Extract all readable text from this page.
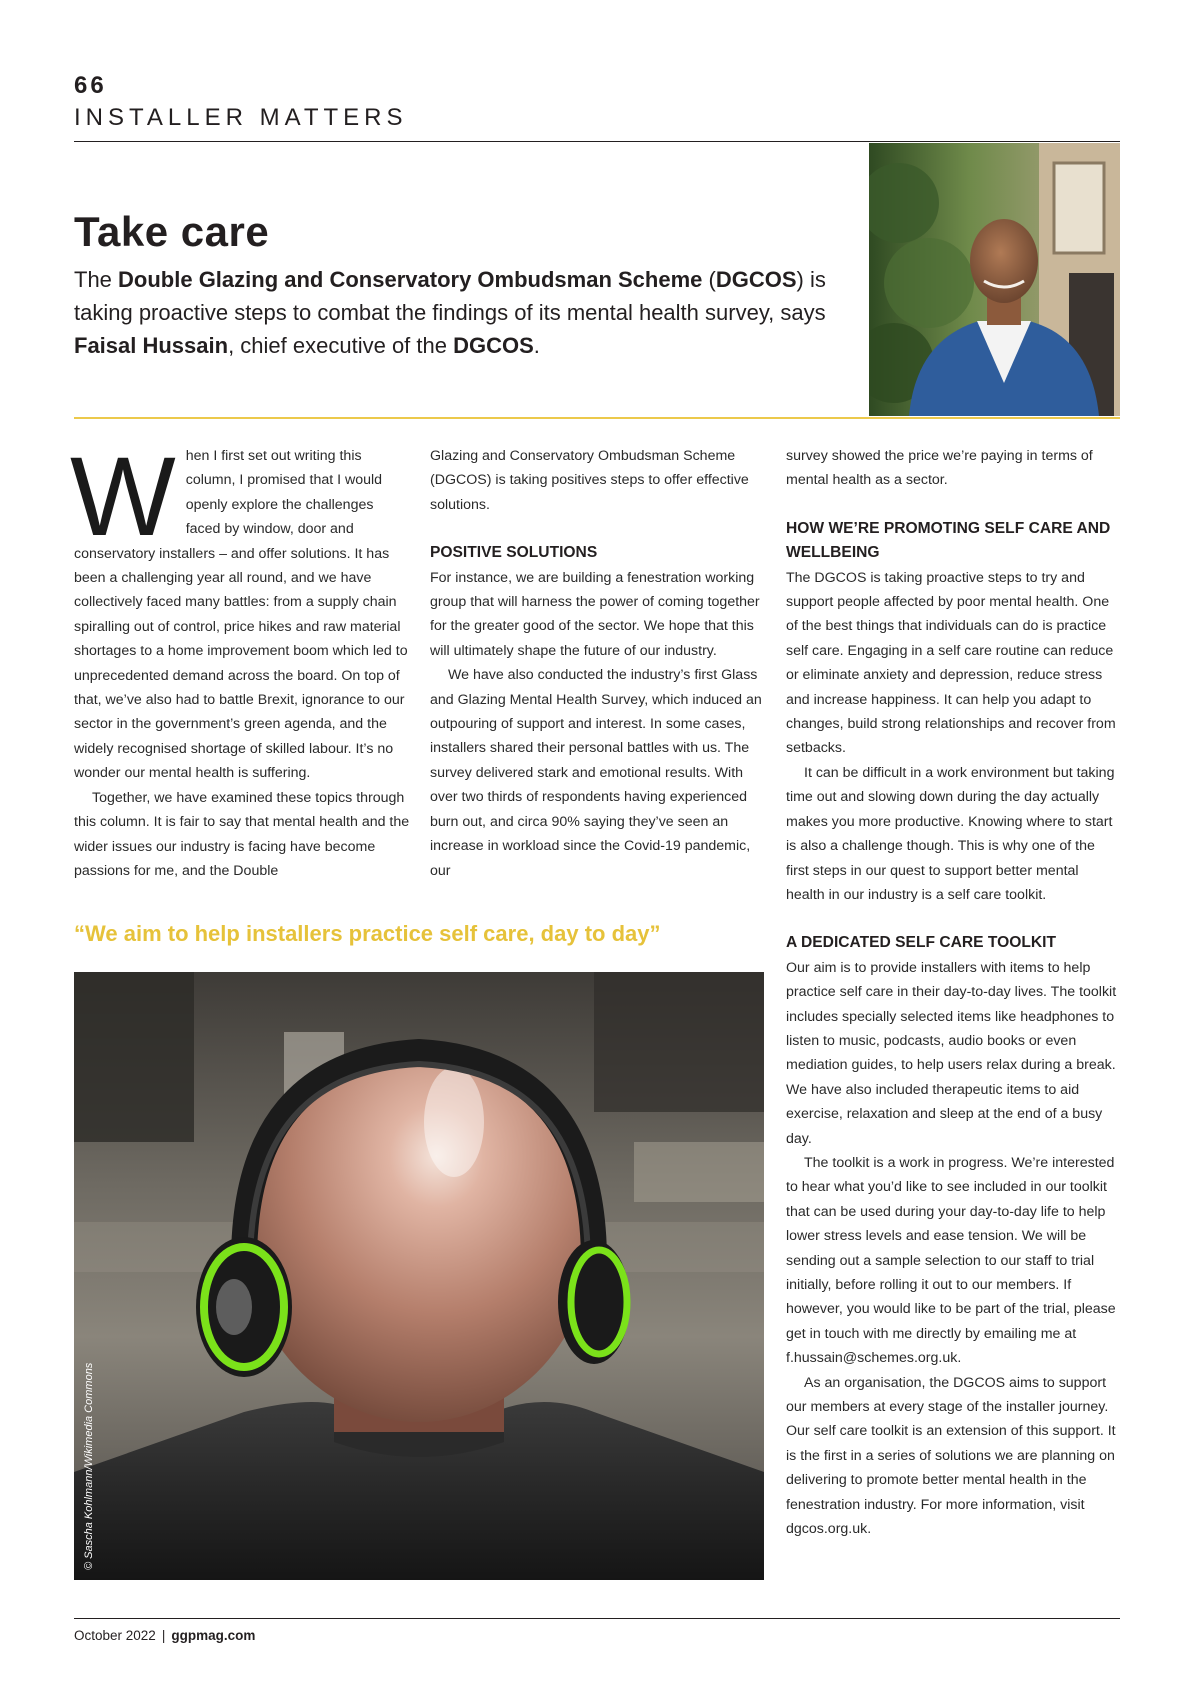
66
INSTALLER MATTERS
Take care

The Double Glazing and Conservatory Ombudsman Scheme (DGCOS) is taking proactive steps to combat the findings of its mental health survey, says Faisal Hussain, chief executive of the DGCOS.

When I first set out writing this column, I promised that I would openly explore the challenges faced by window, door and conservatory installers – and offer solutions. It has been a challenging year all round, and we have collectively faced many battles: from a supply chain spiralling out of control, price hikes and raw material shortages to a home improvement boom which led to unprecedented demand across the board. On top of that, we’ve also had to battle Brexit, ignorance to our sector in the government’s green agenda, and the widely recognised shortage of skilled labour. It’s no wonder our mental health is suffering.

Together, we have examined these topics through this column. It is fair to say that mental health and the wider issues our industry is facing have become passions for me, and the Double

Glazing and Conservatory Ombudsman Scheme (DGCOS) is taking positives steps to offer effective solutions.

POSITIVE SOLUTIONS

For instance, we are building a fenestration working group that will harness the power of coming together for the greater good of the sector. We hope that this will ultimately shape the future of our industry.

We have also conducted the industry’s first Glass and Glazing Mental Health Survey, which induced an outpouring of support and interest. In some cases, installers shared their personal battles with us. The survey delivered stark and emotional results. With over two thirds of respondents having experienced burn out, and circa 90% saying they’ve seen an increase in workload since the Covid-19 pandemic, our

survey showed the price we’re paying in terms of mental health as a sector.

HOW WE’RE PROMOTING SELF CARE AND WELLBEING

The DGCOS is taking proactive steps to try and support people affected by poor mental health. One of the best things that individuals can do is practice self care. Engaging in a self care routine can reduce or eliminate anxiety and depression, reduce stress and increase happiness. It can help you adapt to changes, build strong relationships and recover from setbacks.

It can be difficult in a work environment but taking time out and slowing down during the day actually makes you more productive. Knowing where to start is also a challenge though. This is why one of the first steps in our quest to support better mental health in our industry is a self care toolkit.

A DEDICATED SELF CARE TOOLKIT

Our aim is to provide installers with items to help practice self care in their day-to-day lives. The toolkit includes specially selected items like headphones to listen to music, podcasts, audio books or even mediation guides, to help users relax during a break. We have also included therapeutic items to aid exercise, relaxation and sleep at the end of a busy day.

The toolkit is a work in progress. We’re interested to hear what you’d like to see included in our toolkit that can be used during your day-to-day life to help lower stress levels and ease tension. We will be sending out a sample selection to our staff to trial initially, before rolling it out to our members. If however, you would like to be part of the trial, please get in touch with me directly by emailing me at f.hussain@schemes.org.uk.

As an organisation, the DGCOS aims to support our members at every stage of the installer journey. Our self care toolkit is an extension of this support. It is the first in a series of solutions we are planning on delivering to promote better mental health in the fenestration industry. For more information, visit dgcos.org.uk.

“We aim to help installers practice self care, day to day”

© Sascha Kohlmann/Wikimedia Commons
October 2022 | ggpmag.com
